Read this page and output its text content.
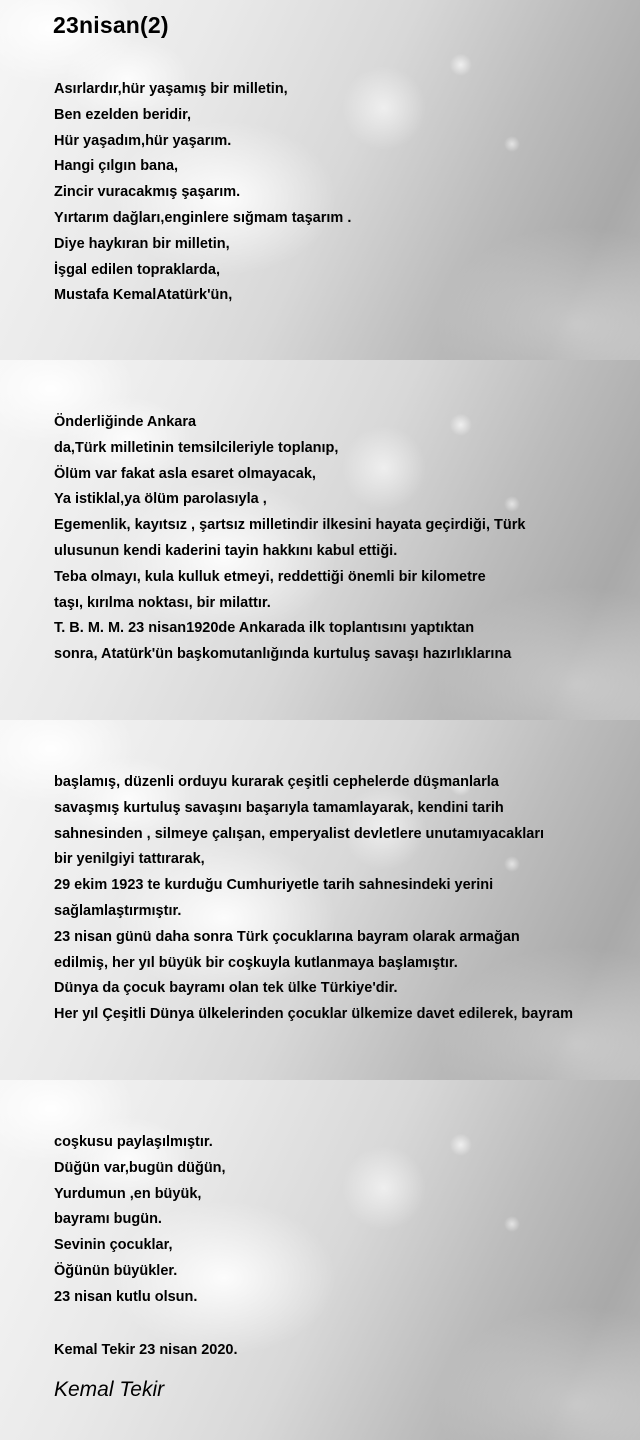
23nisan(2)
Asırlardır,hür yaşamış bir milletin,
Ben ezelden beridir,
Hür yaşadım,hür yaşarım.
Hangi çılgın bana,
Zincir vuracakmış şaşarım.
Yırtarım dağları,enginlere sığmam taşarım .
Diye haykıran bir milletin,
İşgal edilen topraklarda,
Mustafa KemalAtatürk'ün,
Önderliğinde Ankara
da,Türk milletinin temsilcileriyle toplanıp,
Ölüm var fakat asla esaret olmayacak,
Ya istiklal,ya ölüm parolasıyla ,
Egemenlik, kayıtsız , şartsız milletindir ilkesini hayata geçirdiği, Türk
ulusunun kendi kaderini tayin hakkını kabul ettiği.
Teba olmayı, kula kulluk etmeyi, reddettiği önemli bir kilometre
taşı, kırılma noktası, bir milattır.
T. B. M. M. 23 nisan1920de Ankarada ilk toplantısını yaptıktan
sonra, Atatürk'ün başkomutanlığında kurtuluş savaşı hazırlıklarına
başlamış, düzenli orduyu kurarak çeşitli cephelerde düşmanlarla
savaşmış kurtuluş savaşını başarıyla tamamlayarak, kendini tarih
sahnesinden , silmeye çalışan, emperyalist devletlere unutamıyacakları
bir yenilgiyi tattırarak,
29 ekim 1923 te kurduğu Cumhuriyetle tarih sahnesindeki yerini
sağlamlaştırmıştır.
23 nisan günü daha sonra Türk çocuklarına bayram olarak armağan
edilmiş, her yıl büyük bir coşkuyla kutlanmaya başlamıştır.
Dünya da çocuk bayramı olan tek ülke Türkiye'dir.
Her yıl Çeşitli Dünya ülkelerinden çocuklar ülkemize davet edilerek, bayram
coşkusu paylaşılmıştır.
Düğün var,bugün düğün,
Yurdumun ,en büyük,
bayramı bugün.
Sevinin çocuklar,
Öğünün büyükler.
23 nisan kutlu olsun.

Kemal Tekir 23 nisan 2020.

Kemal Tekir
